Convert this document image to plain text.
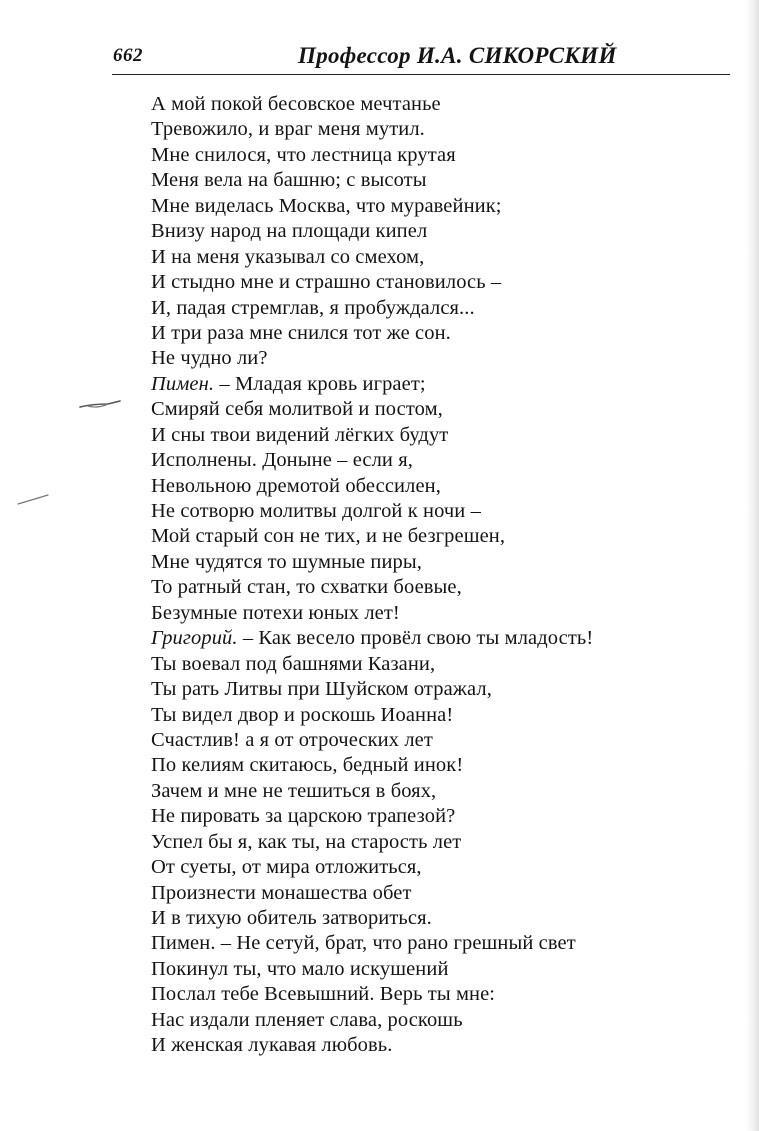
662	Профессор И.А. СИКОРСКИЙ
А мой покой бесовское мечтанье
Тревожило, и враг меня мутил.
Мне снилося, что лестница крутая
Меня вела на башню; с высоты
Мне виделась Москва, что муравейник;
Внизу народ на площади кипел
И на меня указывал со смехом,
И стыдно мне и страшно становилось –
И, падая стремглав, я пробуждался...
И три раза мне снился тот же сон.
Не чудно ли?
Пимен. – Младая кровь играет;
Смиряй себя молитвой и постом,
И сны твои видений лёгких будут
Исполнены. Доныне – если я,
Невольною дремотой обессилен,
Не сотворю молитвы долгой к ночи –
Мой старый сон не тих, и не безгрешен,
Мне чудятся то шумные пиры,
То ратный стан, то схватки боевые,
Безумные потехи юных лет!
Григорий. – Как весело провёл свою ты младость!
Ты воевал под башнями Казани,
Ты рать Литвы при Шуйском отражал,
Ты видел двор и роскошь Иоанна!
Счастлив! а я от отроческих лет
По келиям скитаюсь, бедный инок!
Зачем и мне не тешиться в боях,
Не пировать за царскою трапезой?
Успел бы я, как ты, на старость лет
От суеты, от мира отложиться,
Произнести монашества обет
И в тихую обитель затвориться.
Пимен. – Не сетуй, брат, что рано грешный свет
Покинул ты, что мало искушений
Послал тебе Всевышний. Верь ты мне:
Нас издали пленяет слава, роскошь
И женская лукавая любовь.
